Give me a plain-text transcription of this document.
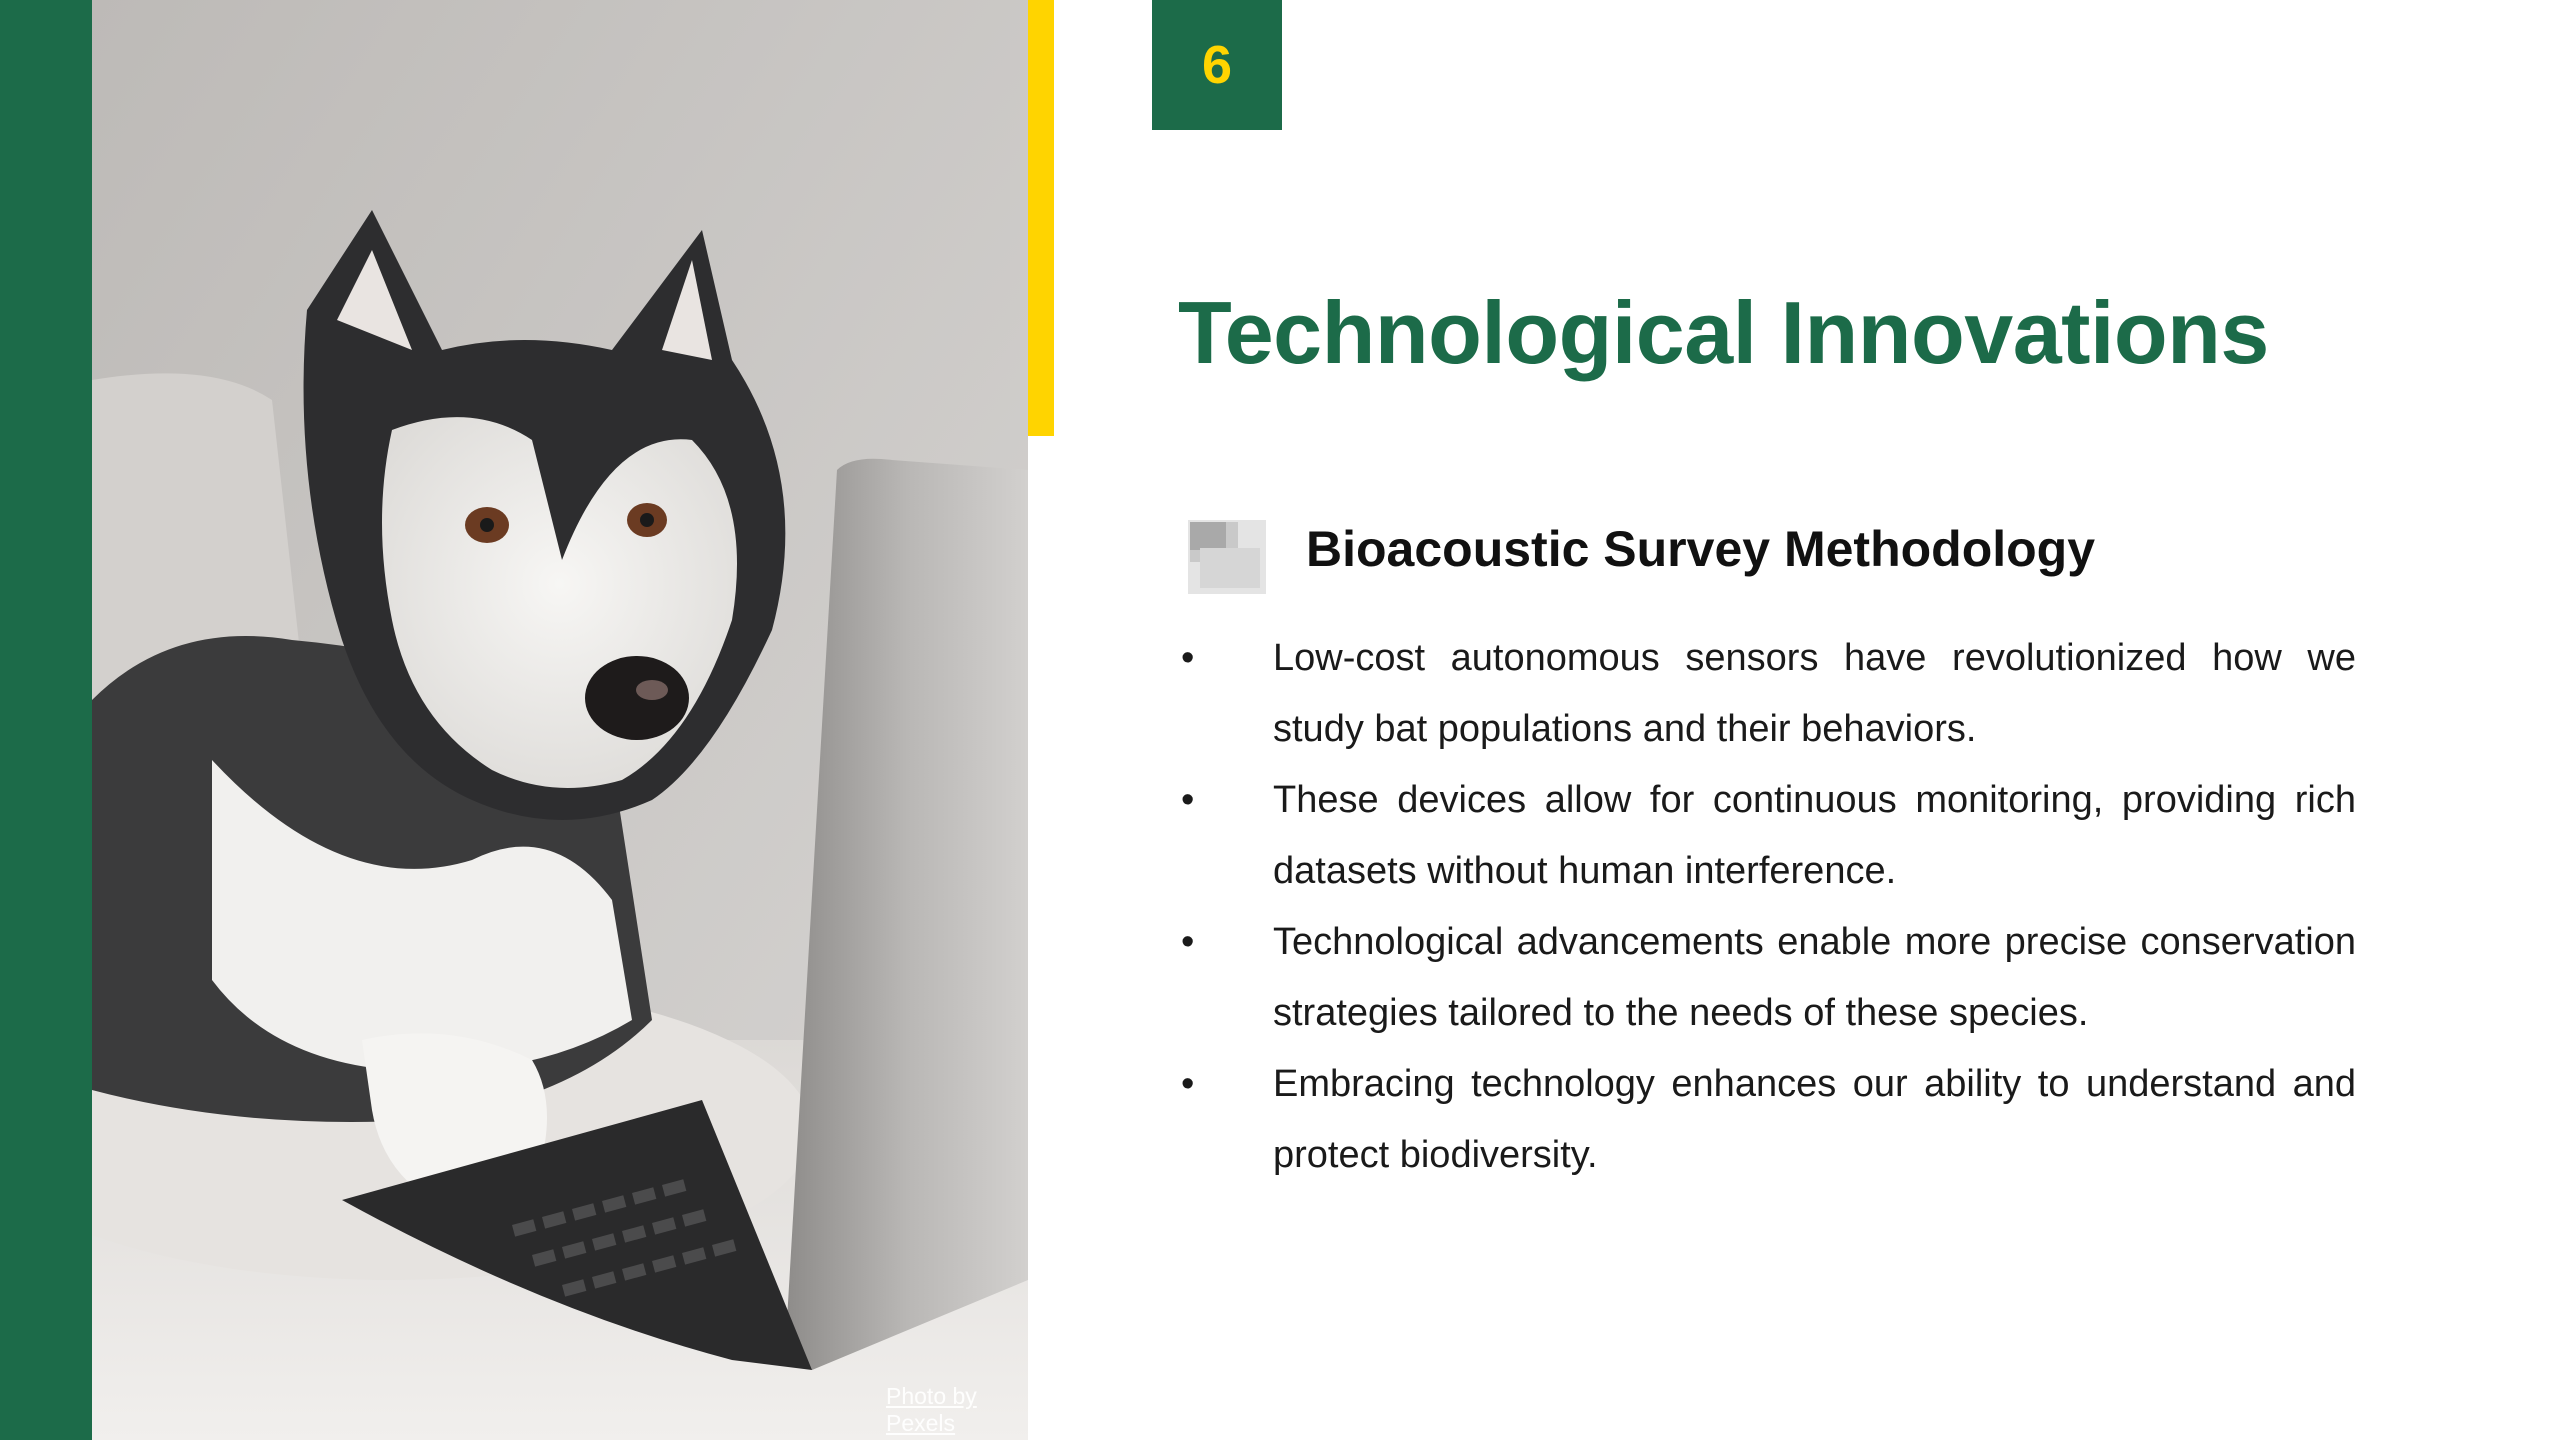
Photo by Pexels
6
Technological Innovations
Bioacoustic Survey Methodology
• Low-cost autonomous sensors have revolutionized how we study bat populations and their behaviors.
• These devices allow for continuous monitoring, providing rich datasets without human interference.
• Technological advancements enable more precise conservation strategies tailored to the needs of these species.
• Embracing technology enhances our ability to understand and protect biodiversity.
